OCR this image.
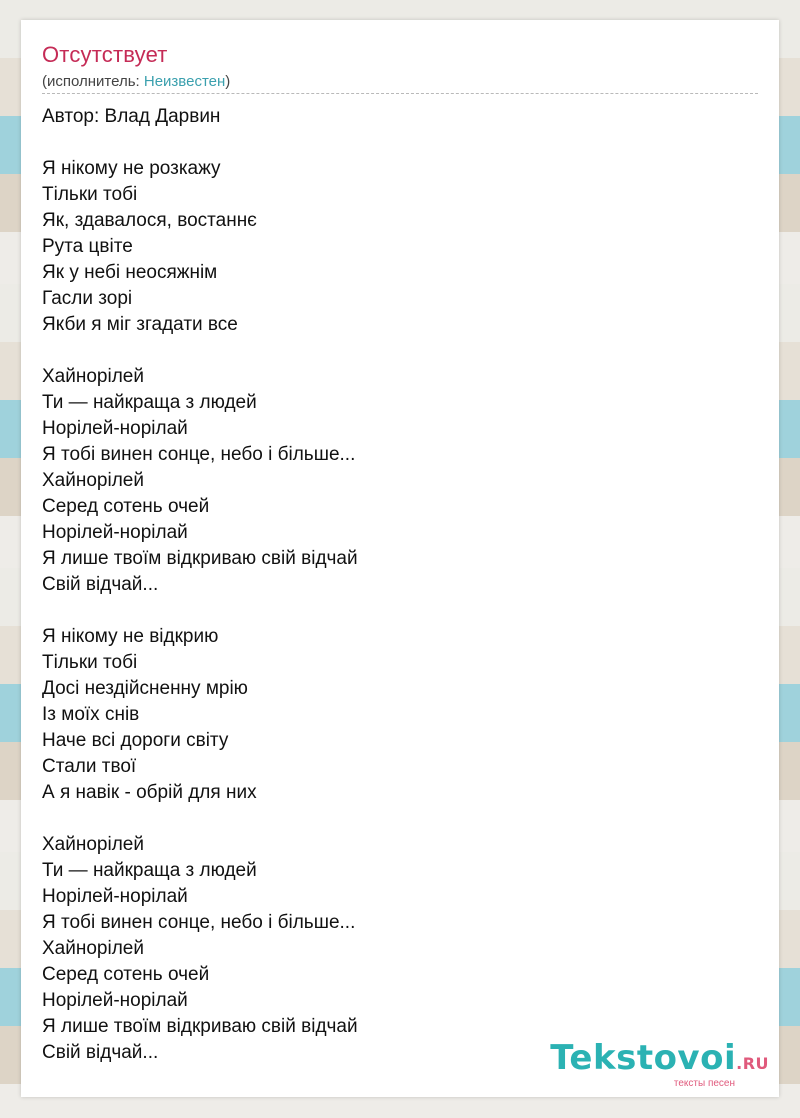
Отсутствует
(исполнитель: Неизвестен)
Автор: Влад Дарвин
Я нікому не розкажу
Тільки тобі
Як, здавалося, востаннє
Рута цвіте
Як у небі неосяжнім
Гасли зорі
Якби я міг згадати все
Хайнорілей
Ти — найкраща з людей
Норілей-норілай
Я тобі винен сонце, небо і більше...
Хайнорілей
Серед сотень очей
Норілей-норілай
Я лише твоїм відкриваю свій відчай
Свій відчай...
Я нікому не відкрию
Тільки тобі
Досі нездійсненну мрію
Із моїх снів
Наче всі дороги світу
Стали твої
А я навік - обрій для них
Хайнорілей
Ти — найкраща з людей
Норілей-норілай
Я тобі винен сонце, небо і більше...
Хайнорілей
Серед сотень очей
Норілей-норілай
Я лише твоїм відкриваю свій відчай
Свій відчай...	Tekstovoi.RU
тексты песен
